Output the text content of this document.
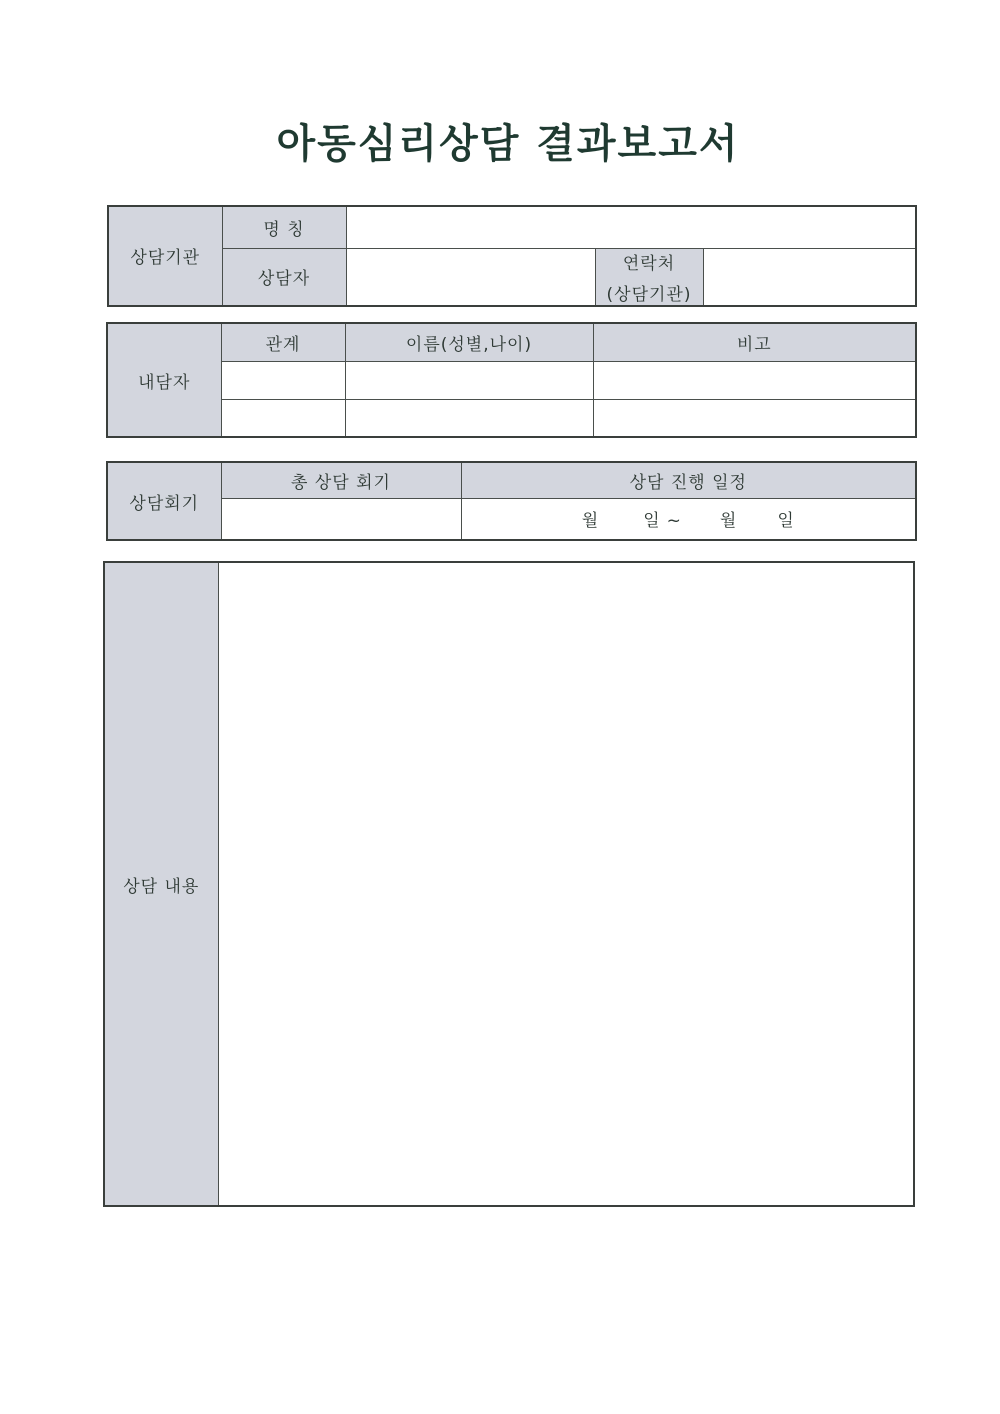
아동심리상담 결과보고서
상담기관	명 칭			
	상담자		연락처
(상담기관)	

내담자	관계	이름(성별,나이)	비고

상담회기	총 상담 회기	상담 진행 일정
		월 일 ~ 월 일
상담 내용	
